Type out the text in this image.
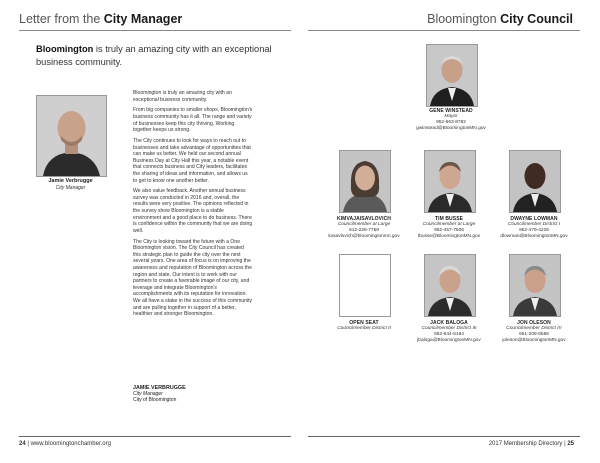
Letter from the City Manager	Bloomington City Council
Bloomington is truly an amazing city with an exceptional business community.
Jamie Verbrugge
City Manager

Bloomington is truly an amazing city with an exceptional business community.

From big companies to smaller shops, Bloomington's business community has it all. The range and variety of businesses keep this city thriving. Working together keeps us strong.

The City continues to look for ways to reach out to businesses and take advantage of opportunities that can make us better. We held our second annual Business Day at City Hall this year, a notable event that connects business and City leaders, facilitates the sharing of ideas and information, and allows us to get to know one another better.

We also value feedback. Another annual business survey was conducted in 2016 and, overall, the results were very positive. The opinions reflected in the survey show Bloomington is a stable environment and a good place to do business. There is confidence within the community that we are doing well.

The City is looking toward the future with a One Bloomington vision. The City Council has created this strategic plan to guide the city over the next several years. One area of focus is on improving the awareness and reputation of Bloomington across the region and state. Our intent is to work with our partners to create a favorable image of our city, and leverage and integrate Bloomington's accomplishments with its reputation for innovation. We all have a stake in the success of this community and are pulling together in support of a better, healthier and stronger Bloomington.

JAMIE VERBRUGGE
City Manager
City of Bloomington
GENE WINSTEAD
Mayor
952-563-8782
gwinstead@BloomingtonMN.gov
KIMVAJAISAVLOVICH
Councilmember at Large
612-226-7759
kvsavlovich@bloomingtonmn.gov
TIM BUSSE
Councilmember at Large
952-457-7506
tbusse@BloomingtonMN.gov
DWAYNE LOWMAN
Councilmember District I
952-479-4226
dlowman@BloomingtonMN.gov
OPEN SEAT
Councilmember District II
JACK BALOGA
Councilmember District III
952-644-5194
jbaloga@BloomingtonMN.gov
JON OLESON
Councilmember District IV
651-208-6586
joleson@BloomingtonMN.gov
24 | www.bloomingtonchamber.org	2017 Membership Directory | 25
